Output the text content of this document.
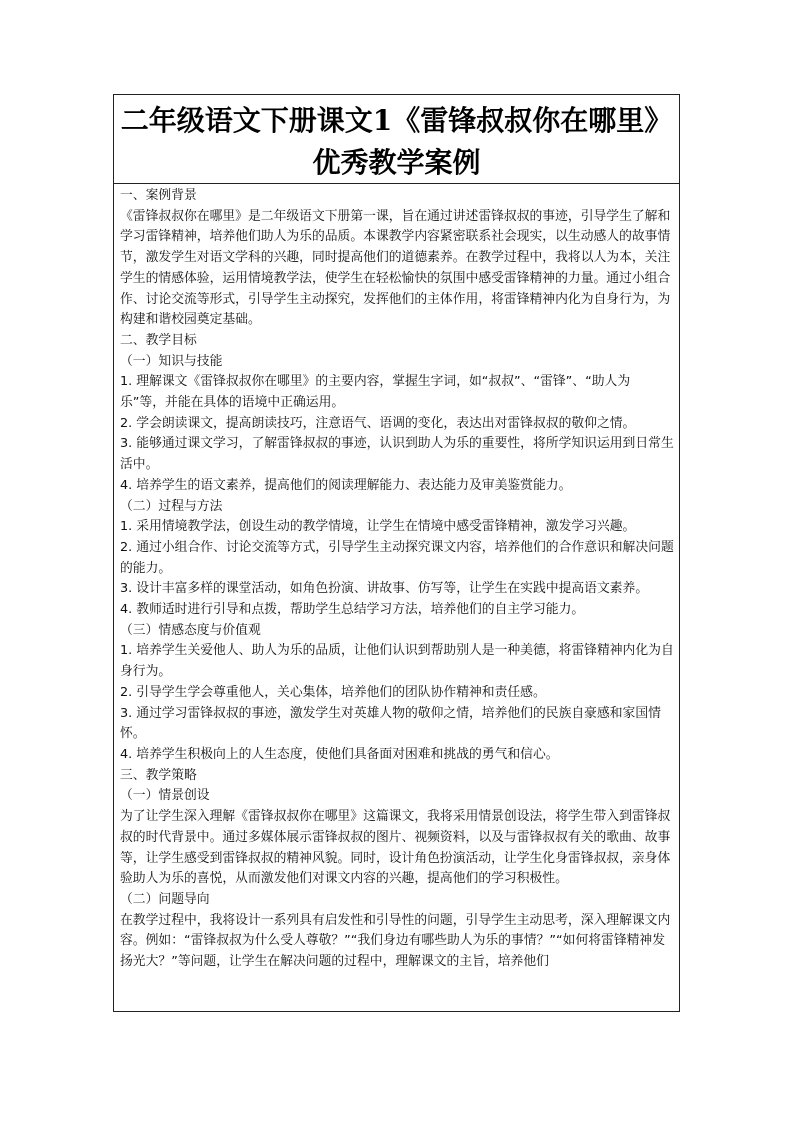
二年级语文下册课文1《雷锋叔叔你在哪里》
优秀教学案例

一、案例背景

《雷锋叔叔你在哪里》是二年级语文下册第一课，旨在通过讲述雷锋叔叔的事迹，引导学生了解和学习雷锋精神，培养他们助人为乐的品质。本课教学内容紧密联系社会现实，以生动感人的故事情节，激发学生对语文学科的兴趣，同时提高他们的道德素养。在教学过程中，我将以人为本，关注学生的情感体验，运用情境教学法，使学生在轻松愉快的氛围中感受雷锋精神的力量。通过小组合作、讨论交流等形式，引导学生主动探究，发挥他们的主体作用，将雷锋精神内化为自身行为，为构建和谐校园奠定基础。

二、教学目标

（一）知识与技能

1. 理解课文《雷锋叔叔你在哪里》的主要内容，掌握生字词，如“叔叔”、“雷锋”、“助人为乐”等，并能在具体的语境中正确运用。

2. 学会朗读课文，提高朗读技巧，注意语气、语调的变化，表达出对雷锋叔叔的敬仰之情。

3. 能够通过课文学习，了解雷锋叔叔的事迹，认识到助人为乐的重要性，将所学知识运用到日常生活中。

4. 培养学生的语文素养，提高他们的阅读理解能力、表达能力及审美鉴赏能力。

（二）过程与方法

1. 采用情境教学法，创设生动的教学情境，让学生在情境中感受雷锋精神，激发学习兴趣。

2. 通过小组合作、讨论交流等方式，引导学生主动探究课文内容，培养他们的合作意识和解决问题的能力。

3. 设计丰富多样的课堂活动，如角色扮演、讲故事、仿写等，让学生在实践中提高语文素养。

4. 教师适时进行引导和点拨，帮助学生总结学习方法，培养他们的自主学习能力。

（三）情感态度与价值观

1. 培养学生关爱他人、助人为乐的品质，让他们认识到帮助别人是一种美德，将雷锋精神内化为自身行为。

2. 引导学生学会尊重他人，关心集体，培养他们的团队协作精神和责任感。

3. 通过学习雷锋叔叔的事迹，激发学生对英雄人物的敬仰之情，培养他们的民族自豪感和家国情怀。

4. 培养学生积极向上的人生态度，使他们具备面对困难和挑战的勇气和信心。

三、教学策略

（一）情景创设

为了让学生深入理解《雷锋叔叔你在哪里》这篇课文，我将采用情景创设法，将学生带入到雷锋叔叔的时代背景中。通过多媒体展示雷锋叔叔的图片、视频资料，以及与雷锋叔叔有关的歌曲、故事等，让学生感受到雷锋叔叔的精神风貌。同时，设计角色扮演活动，让学生化身雷锋叔叔，亲身体验助人为乐的喜悦，从而激发他们对课文内容的兴趣，提高他们的学习积极性。

（二）问题导向

在教学过程中，我将设计一系列具有启发性和引导性的问题，引导学生主动思考，深入理解课文内容。例如：“雷锋叔叔为什么受人尊敬？”“我们身边有哪些助人为乐的事情？”“如何将雷锋精神发扬光大？”等问题，让学生在解决问题的过程中，理解课文的主旨，培养他们
